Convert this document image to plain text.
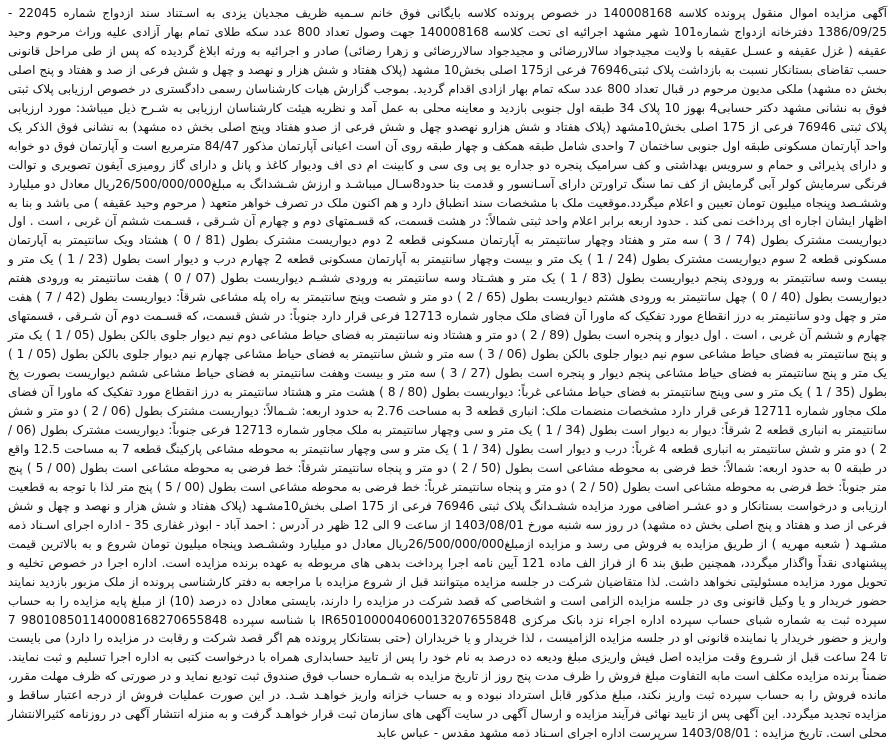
آگهی مزایده اموال منقول پرونده کلاسه 140008168 در خصوص پرونده کلاسه بایگانی فوق خانم سـمیه ظریف مجدیان یزدی به اسـتناد سند ازدواج شماره 22045 - 1386/09/25 دفترخانه ازدواج شماره101 شهر مشهد اجرائیه ای تحت کلاسه 140008168 جهت وصول تعداد 800 عدد سکه طلای تمام بهار آزادی علیه وراث مرحوم وحید عقیفه ( غزل عقیفه و عسـل عقیفه با ولایت مجیدجواد سالاررضائی و مجیدجواد سالاررضائی و زهرا رضائی) صادر و اجرائیه به ورثه ابلاغ گردیده که پس از طی مراحل قانونی حسب تقاضای بستانکار نسبت به بازداشت پلاک ثبتی76946 فرعی از175 اصلی بخش10 مشهد (پلاک هفتاد و شش هزار و نهصد و چهل و شش فرعی از صد و هفتاد و پنج اصلی بخش ده مشهد) ملکی مدیون مرحوم در قبال تعداد 800 عدد سکه تمام بهار ازادی اقدام گردید. بموجب گزارش هیات کارشناسان رسمی دادگستری در خصوص ارزیابی پلاک ثبتی فوق به نشانی مشهد دکتر حسابی4 بهوز 10 پلاک 34 طبقه اول جنوبی بازدید و معاینه محلی به عمل آمد و نظریه هیئت کارشناسان ارزیابی به شـرح ذیل میباشد: مورد ارزیابی پلاک ثبتی 76946 فرعی از 175 اصلی بخش10مشهد (پلاک هفتاد و شش هزارو نهصدو چهل و شش فرعی از صدو هفتاد وپنج اصلی بخش ده مشهد) به نشانی فوق الذکر یک واحد آپارتمان مسکونی طبقه اول جنوبی ساختمان 7 واحدی شامل طبقه همکف و چهار طبقه روی آن است اعیانی آپارتمان مذکور 84/47 مترمربع است و آپارتمان فوق دو خوابه و دارای پذیرائی و حمام و سرویس بهداشتی و کف سرامیک پنجره دو جداره یو پی وی سی و کابینت ام دی اف ودیوار کاغذ و پانل و دارای گاز رومیزی آیفون تصویری و توالت فرنگی سرمایش کولر آبی گرمایش از کف نما سنگ تراورتن دارای آسـانسور و قدمت بنا حدود8سـال میباشـد و ارزش شـشدانگ به مبلغ26/500/000/000ریال معادل دو میلیارد وششـصد وپنجاه میلیون تومان تعیین و اعلام میگردد.موقعیت ملک با مشخصات سند انطباق دارد و هم اکنون ملک در تصرف خواهر متعهد ( مرحوم وحید عقیفه ) می باشد و بنا به اظهار ایشان اجاره ای پرداخت نمی کند . حدود اربعه برابر اعلام واحد ثبتی شمالاً: در هشت قسمت، که قسـمتهای دوم و چهارم آن شـرقی ، قسـمت ششم آن غربی ، است . اول دیواریست مشترک بطول (74 / 3 ) سه متر و هفتاد وچهار سانتیمتر به آپارتمان مسکونی قطعه 2 دوم دیواریست مشترک بطول (81 / 0 ) هشتاد ویک سانتیمتر به آپارتمان مسکونی قطعه 2 سوم دیواریست مشترک بطول (24 / 1 ) یک متر و بیست وچهار سانتیمتر به آپارتمان مسکونی قطعه 2 چهارم درب و دیوار است بطول (23 / 1 ) یک متر و بیست وسه سانتیمتر به ورودی پنجم دیواریست بطول (83 / 1 ) یک متر و هشـتاد وسه سانتیمتر به ورودی ششـم دیواریست بطول (07 / 0 ) هفت سانتیمتر به ورودی هفتم دیواریست بطول (40 / 0 ) چهل سانتیمتر به ورودی هشتم دیواریست بطول (65 / 2 ) دو متر و شصت وپنج سانتیمتر به راه پله مشاعی شرقاً: دیواریست بطول (42 / 7 ) هفت متر و چهل ودو سانتیمتر به درز انقطاع مورد تفکیک که ماورا آن فضای ملک مجاور شماره 12713 فرعی قرار دارد جنوباً: در شش قسمت، که قسـمت دوم آن شـرقی ، قسمتهای چهارم و ششم آن غربی ، است . اول دیوار و پنجره است بطول (89 / 2 ) دو متر و هشتاد ونه سانتیمتر به فضای حیاط مشاعی دوم نیم دیوار جلوی بالکن بطول (05 / 1 ) یک متر و پنج سانتیمتر به فضای حیاط مشاعی سوم نیم دیوار جلوی بالکن بطول (06 / 3 ) سه متر و شش سانتیمتر به فضای حیاط مشاعی چهارم نیم دیوار جلوی بالکن بطول (05 / 1 ) یک متر و پنج سانتیمتر به فضای حیاط مشاعی پنجم دیوار و پنجره است بطول (27 / 3 ) سه متر و بیست وهفت سانتیمتر به فضای حیاط مشاعی ششم دیواریست بصورت پخ بطول (35 / 1 ) یک متر و سی وپنج سانتیمتر به فضای حیاط مشاعی غرباً: دیواریست بطول (80 / 8 ) هشت متر و هشتاد سانتیمتر به درز انقطاع مورد تفکیک که ماورا آن فضای ملک مجاور شماره 12711 فرعی قرار دارد مشخصات منضمات ملک: انباری قطعه 3 به مساحت 2.76 به حدود اربعه: شـمالاً: دیواریست مشترک بطول (06 / 2 ) دو متر و شش سانتیمتر به انباری قطعه 2 شرقاً: دیوار به دیوار است بطول (34 / 1 ) یک متر و سی وچهار سانتیمتر به ملک مجاور شماره 12713 فرعی جنوباً: دیواریست مشترک بطول (06 / 2 ) دو متر و شش سانتیمتر به انباری قطعه 4 غرباً: درب و دیوار است بطول (34 / 1 ) یک متر و سی وچهار سانتیمتر به محوطه مشاعی پارکینگ قطعه 7 به مساحت 12.5 واقع در طبقه 0 به حدود اربعه: شمالاً: خط فرضی به محوطه مشاعی است بطول (50 / 2 ) دو متر و پنجاه سانتیمتر شرقاً: خط فرضی به محوطه مشاعی است بطول (00 / 5 ) پنج متر جنوباً: خط فرضی به محوطه مشاعی است بطول (50 / 2 ) دو متر و پنجاه سانتیمتر غرباً: خط فرضی به محوطه مشاعی است بطول (00 / 5 ) پنج متر لذا با توجه به قطعیت ارزیابی و درخواست بستانکار و دو عشـر اضافی مورد مزایده ششـدانگ پلاک ثبتی 76946 فرعی از 175 اصلی بخش10مشـهد (پلاک هفتاد و شش هزار و نهصد و چهل و شش فرعی از صد و هفتاد و پنج اصلی بخش ده مشهد) در روز سه شنبه مورخ 1403/08/01 از ساعت 9 الی 12 ظهر در آدرس : احمد آباد - ابوذر غفاری 35 - اداره اجرای اسـناد ذمه مشـهد ( شعبه مهریه ) از طریق مزایده به فروش می رسد و مزایده ازمبلغ26/500/000/000ریال معادل دو میلیارد وششـصد وپنجاه میلیون تومان شروع و به بالاترین قیمت پیشنهادی نقداً واگذار میگردد، همچنین طبق بند 6 از فراز الف ماده 121 آیین نامه اجرا پرداخت بدهی های مربوطه به عهده برنده مزایده است. اداره اجرا در خصوص تخلیه و تحویل مورد مزایده مسئولیتی نخواهد داشت. لذا متقاضیان شرکت در جلسه مزایده میتوانند قبل از شروع مزایده با مراجعه به دفتر کارشناسی پرونده از ملک مزبور بازدید نمایند حضور خریدار و یا وکیل قانونی وی در جلسه مزایده الزامی است و اشخاصی که قصد شرکت در مزایده را دارند، بایستی معادل ده درصد (10) از مبلغ پایه مزایده را به حساب سپرده ثبت به شماره شبای حساب سپرده اداره اجراء نزد بانک مرکزی IR650100004060013207655848 با شناسه سپرده 980108501140008168270655848 7 واریز و حضور خریدار یا نماینده قانونی او در جلسه مزایده الزامیست ، لذا خریدار و یا خریداران (حتی بستانکار پرونده هم اگر قصد شرکت و رقابت در مزایده را دارد) می بایست تا 24 ساعت قبل از شـروع وقت مزایده اصل فیش واریزی مبلغ ودیعه ده درصد به نام خود را پس از تایید حسابداری همراه با درخواست کتبی به اداره اجرا تسلیم و ثبت نمایند. ضمناً برنده مزایده مکلف است مابه التفاوت مبلغ فروش را ظرف مدت پنج روز از تاریخ مزایده به شـماره حساب فوق صندوق ثبت تودیع نماید و در صورتی که ظرف مهلت مقرر، مانده فروش را به حساب سپرده ثبت واریز نکند، مبلغ مذکور قابل استرداد نبوده و به حساب خزانه واریز خواهـد شـد. در این صورت عملیات فروش از درجه اعتبار ساقط و مزایده تجدید میگردد. این آگهی پس از تایید نهائی فرآیند مزایده و ارسال آگهی در سایت آگهی های سازمان ثبت قرار خواهـد گرفت و به منزله انتشار آگهی در روزنامه کثیرالانتشار محلی است. تاریخ مزایده : 1403/08/01 سرپرست اداره اجرای اسـناد ذمه مشهد مقدس - عباس عابد
